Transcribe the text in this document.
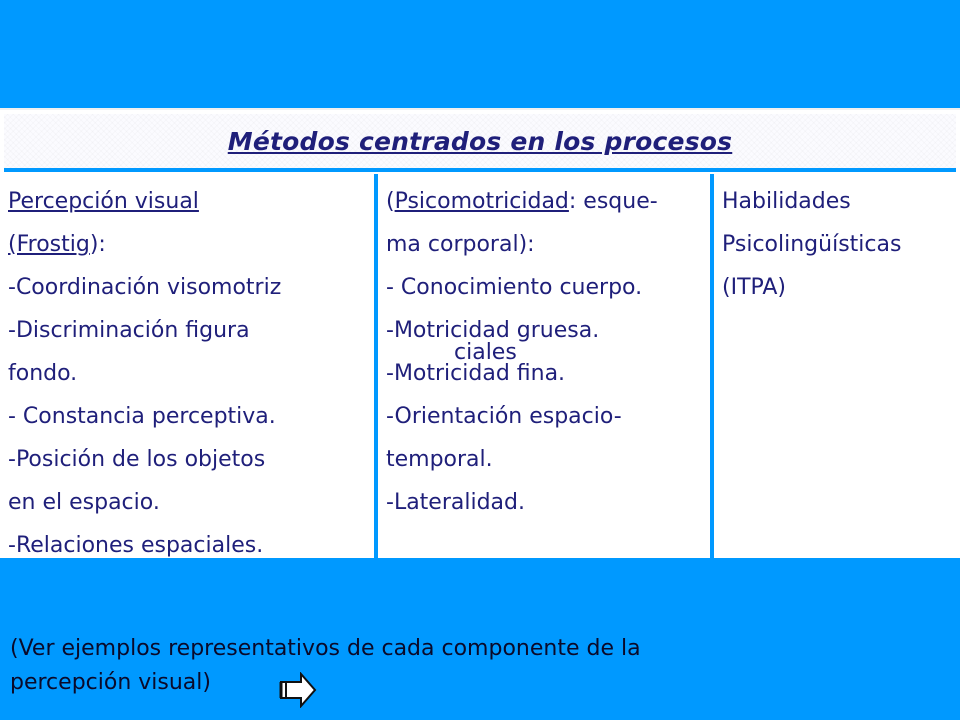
Métodos centrados en los procesos
Percepción visual
(Frostig):
-Coordinación visomotriz
-Discriminación figura
fondo.
- Constancia perceptiva.
-Posición de los objetos
en el espacio.
-Relaciones espaciales.
(Psicomotricidad: esque-
ma corporal):
- Conocimiento cuerpo.
-Motricidad gruesa.
-Motricidad fina.
-Orientación espacio-
temporal.
-Lateralidad.
ciales
Habilidades
Psicolingüísticas
(ITPA)
(Ver ejemplos representativos de cada componente de la
percepción visual)
